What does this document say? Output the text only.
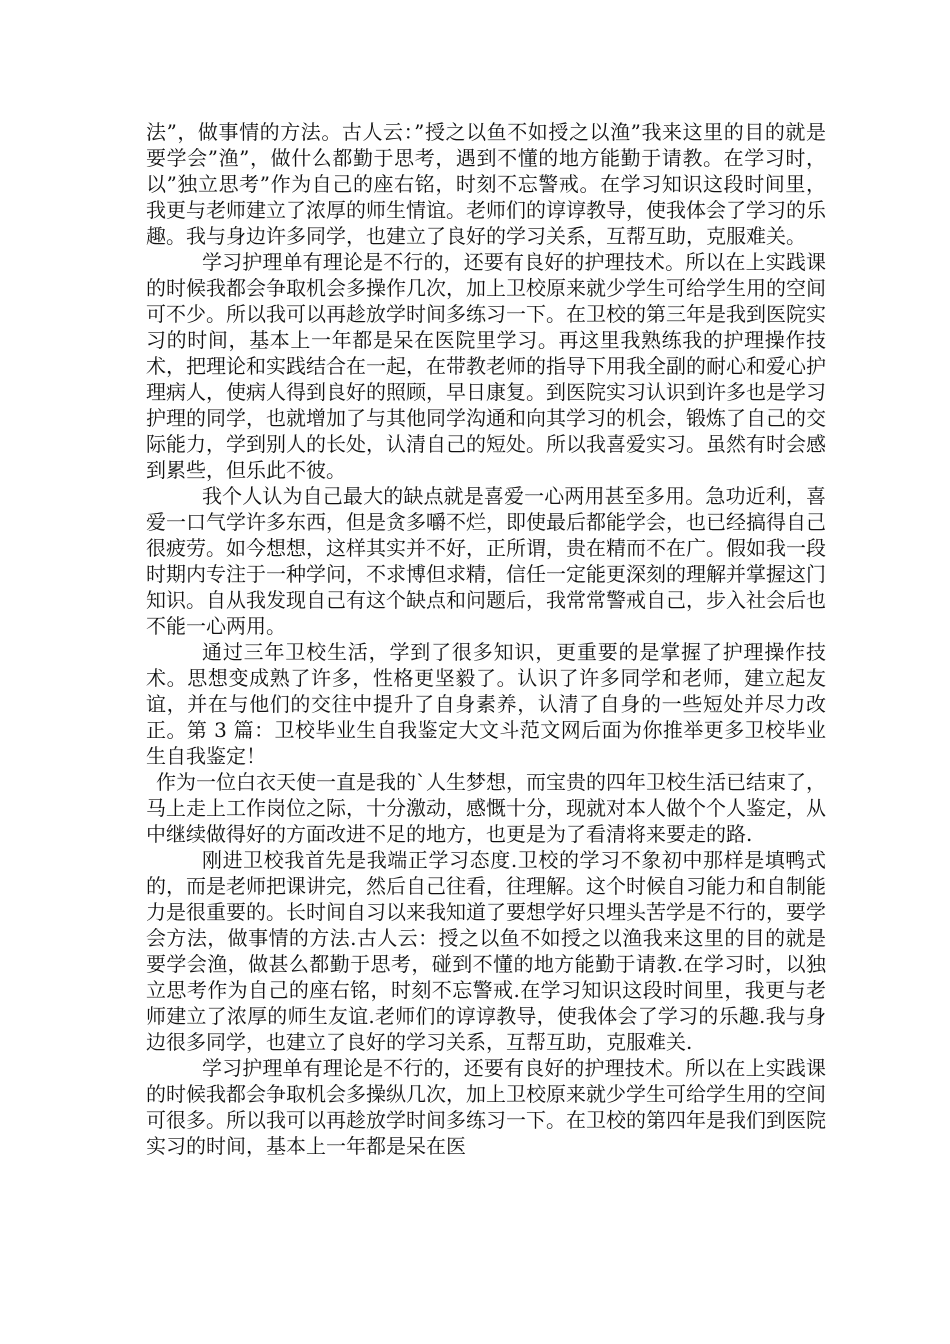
法”，做事情的方法。古人云：”授之以鱼不如授之以渔”我来这里的目的就是要学会”渔”，做什么都勤于思考，遇到不懂的地方能勤于请教。在学习时，以”独立思考”作为自己的座右铭，时刻不忘警戒。在学习知识这段时间里，我更与老师建立了浓厚的师生情谊。老师们的谆谆教导，使我体会了学习的乐趣。我与身边许多同学，也建立了良好的学习关系，互帮互助，克服难关。

学习护理单有理论是不行的，还要有良好的护理技术。所以在上实践课的时候我都会争取机会多操作几次，加上卫校原来就少学生可给学生用的空间可不少。所以我可以再趁放学时间多练习一下。在卫校的第三年是我到医院实习的时间，基本上一年都是呆在医院里学习。再这里我熟练我的护理操作技术，把理论和实践结合在一起，在带教老师的指导下用我全副的耐心和爱心护理病人，使病人得到良好的照顾，早日康复。到医院实习认识到许多也是学习护理的同学，也就增加了与其他同学沟通和向其学习的机会，锻炼了自己的交际能力，学到别人的长处，认清自己的短处。所以我喜爱实习。虽然有时会感到累些，但乐此不彼。

我个人认为自己最大的缺点就是喜爱一心两用甚至多用。急功近利，喜爱一口气学许多东西，但是贪多嚼不烂，即使最后都能学会，也已经搞得自己很疲劳。如今想想，这样其实并不好，正所谓，贵在精而不在广。假如我一段时期内专注于一种学问，不求博但求精，信任一定能更深刻的理解并掌握这门知识。自从我发现自己有这个缺点和问题后，我常常警戒自己，步入社会后也不能一心两用。

通过三年卫校生活，学到了很多知识，更重要的是掌握了护理操作技术。思想变成熟了许多，性格更坚毅了。认识了许多同学和老师，建立起友谊，并在与他们的交往中提升了自身素养，认清了自身的一些短处并尽力改正。第 3 篇：卫校毕业生自我鉴定大文斗范文网后面为你推举更多卫校毕业生自我鉴定！

作为一位白衣天使一直是我的`人生梦想，而宝贵的四年卫校生活已结束了，马上走上工作岗位之际，十分激动，感慨十分，现就对本人做个个人鉴定，从中继续做得好的方面改进不足的地方，也更是为了看清将来要走的路.

刚进卫校我首先是我端正学习态度.卫校的学习不象初中那样是填鸭式的，而是老师把课讲完，然后自己往看，往理解。这个时候自习能力和自制能力是很重要的。长时间自习以来我知道了要想学好只埋头苦学是不行的，要学会方法，做事情的方法.古人云：授之以鱼不如授之以渔我来这里的目的就是要学会渔，做甚么都勤于思考，碰到不懂的地方能勤于请教.在学习时，以独立思考作为自己的座右铭，时刻不忘警戒.在学习知识这段时间里，我更与老师建立了浓厚的师生友谊.老师们的谆谆教导，使我体会了学习的乐趣.我与身边很多同学，也建立了良好的学习关系，互帮互助，克服难关.

学习护理单有理论是不行的，还要有良好的护理技术。所以在上实践课的时候我都会争取机会多操纵几次，加上卫校原来就少学生可给学生用的空间可很多。所以我可以再趁放学时间多练习一下。在卫校的第四年是我们到医院实习的时间，基本上一年都是呆在医
